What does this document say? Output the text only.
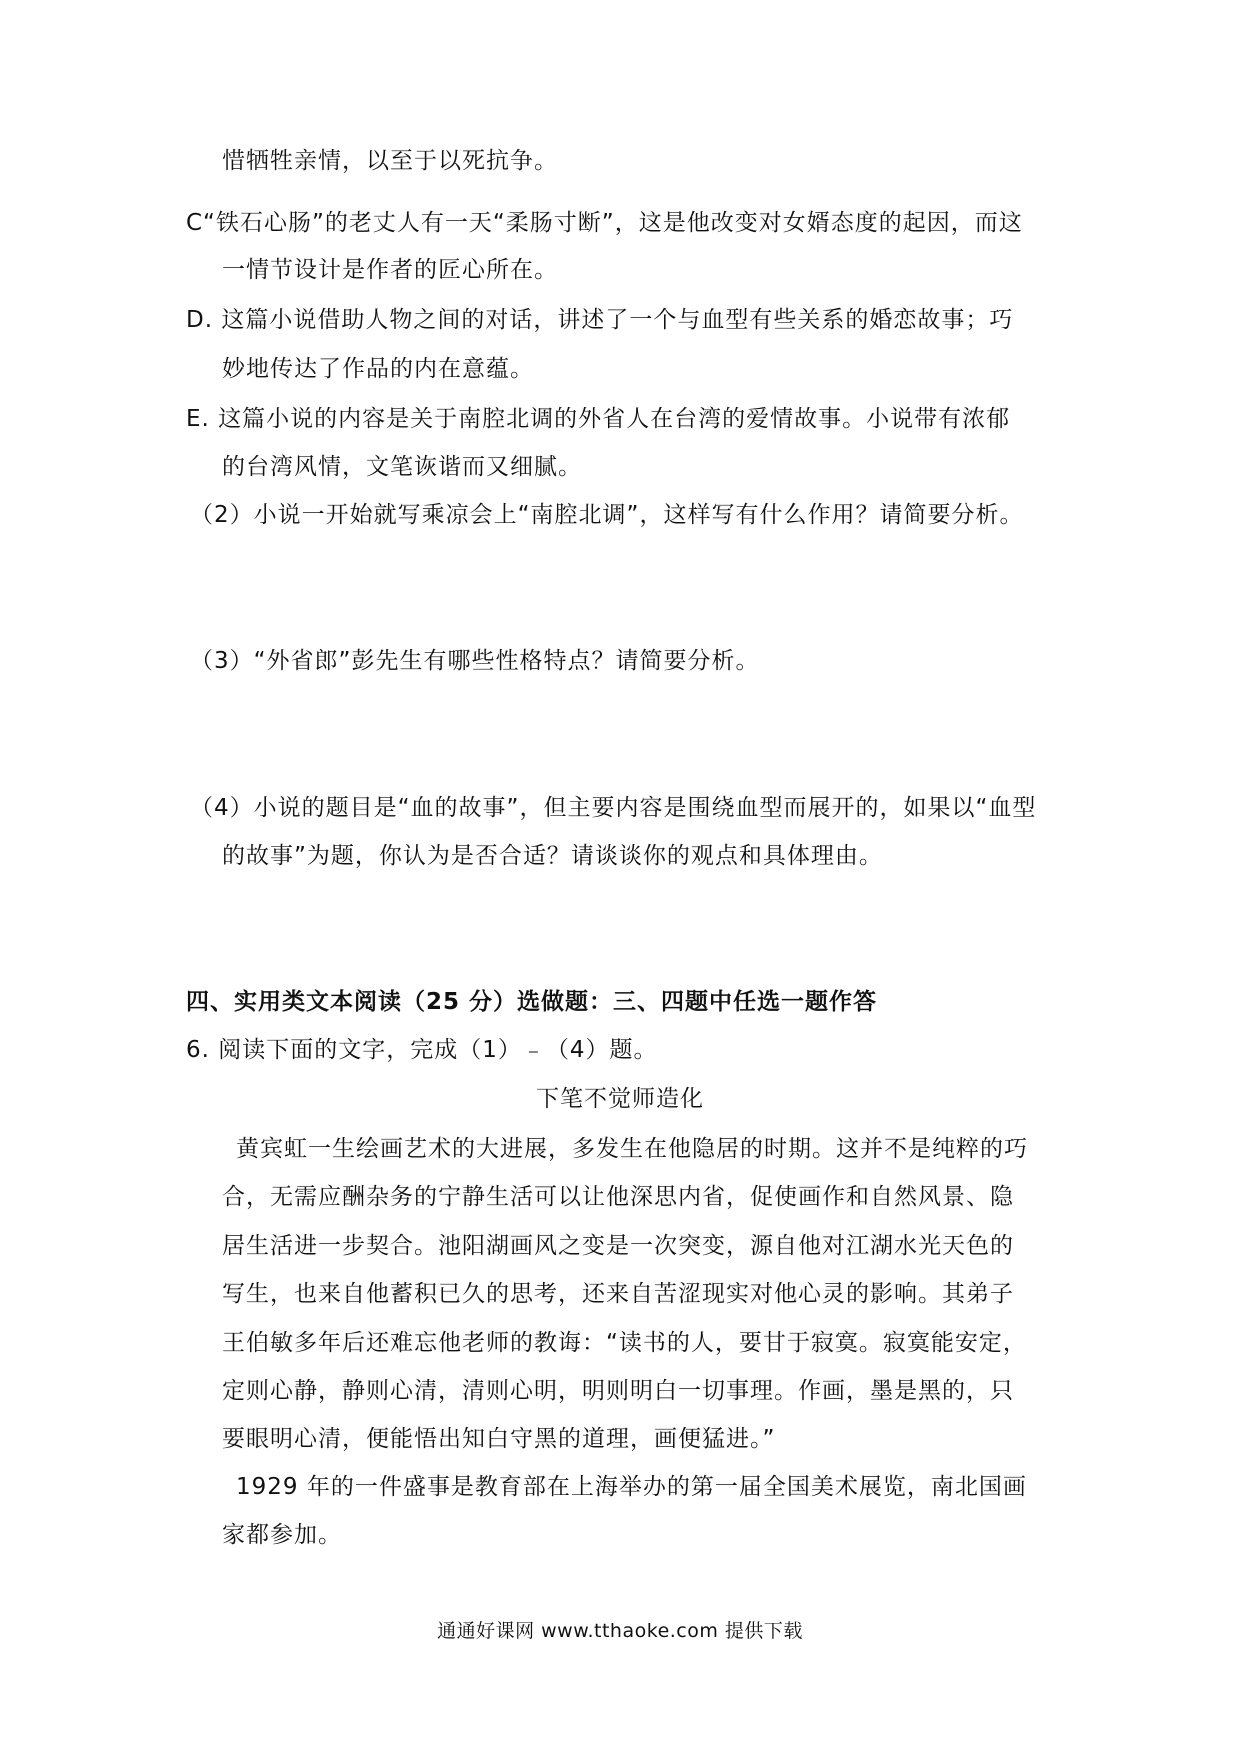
惜牺牲亲情，以至于以死抗争。
C“铁石心肠”的老丈人有一天“柔肠寸断”，这是他改变对女婿态度的起因，而这
一情节设计是作者的匠心所在。
D. 这篇小说借助人物之间的对话，讲述了一个与血型有些关系的婚恋故事；巧
妙地传达了作品的内在意蕴。
E. 这篇小说的内容是关于南腔北调的外省人在台湾的爱情故事。小说带有浓郁
的台湾风情，文笔诙谐而又细腻。
（2）小说一开始就写乘凉会上“南腔北调”，这样写有什么作用？请简要分析。
（3）“外省郎”彭先生有哪些性格特点？请简要分析。
（4）小说的题目是“血的故事”，但主要内容是围绕血型而展开的，如果以“血型
的故事”为题，你认为是否合适？请谈谈你的观点和具体理由。
四、实用类文本阅读（25 分）选做题：三、四题中任选一题作答
6. 阅读下面的文字，完成（1）﹣（4）题。
下笔不觉师造化
黄宾虹一生绘画艺术的大进展，多发生在他隐居的时期。这并不是纯粹的巧
合，无需应酬杂务的宁静生活可以让他深思内省，促使画作和自然风景、隐
居生活进一步契合。池阳湖画风之变是一次突变，源自他对江湖水光天色的
写生，也来自他蓄积已久的思考，还来自苦涩现实对他心灵的影响。其弟子
王伯敏多年后还难忘他老师的教诲：“读书的人，要甘于寂寞。寂寞能安定，
定则心静，静则心清，清则心明，明则明白一切事理。作画，墨是黑的，只
要眼明心清，便能悟出知白守黑的道理，画便猛进。”
1929 年的一件盛事是教育部在上海举办的第一届全国美术展览，南北国画
家都参加。
通通好课网 www.tthaoke.com 提供下载
